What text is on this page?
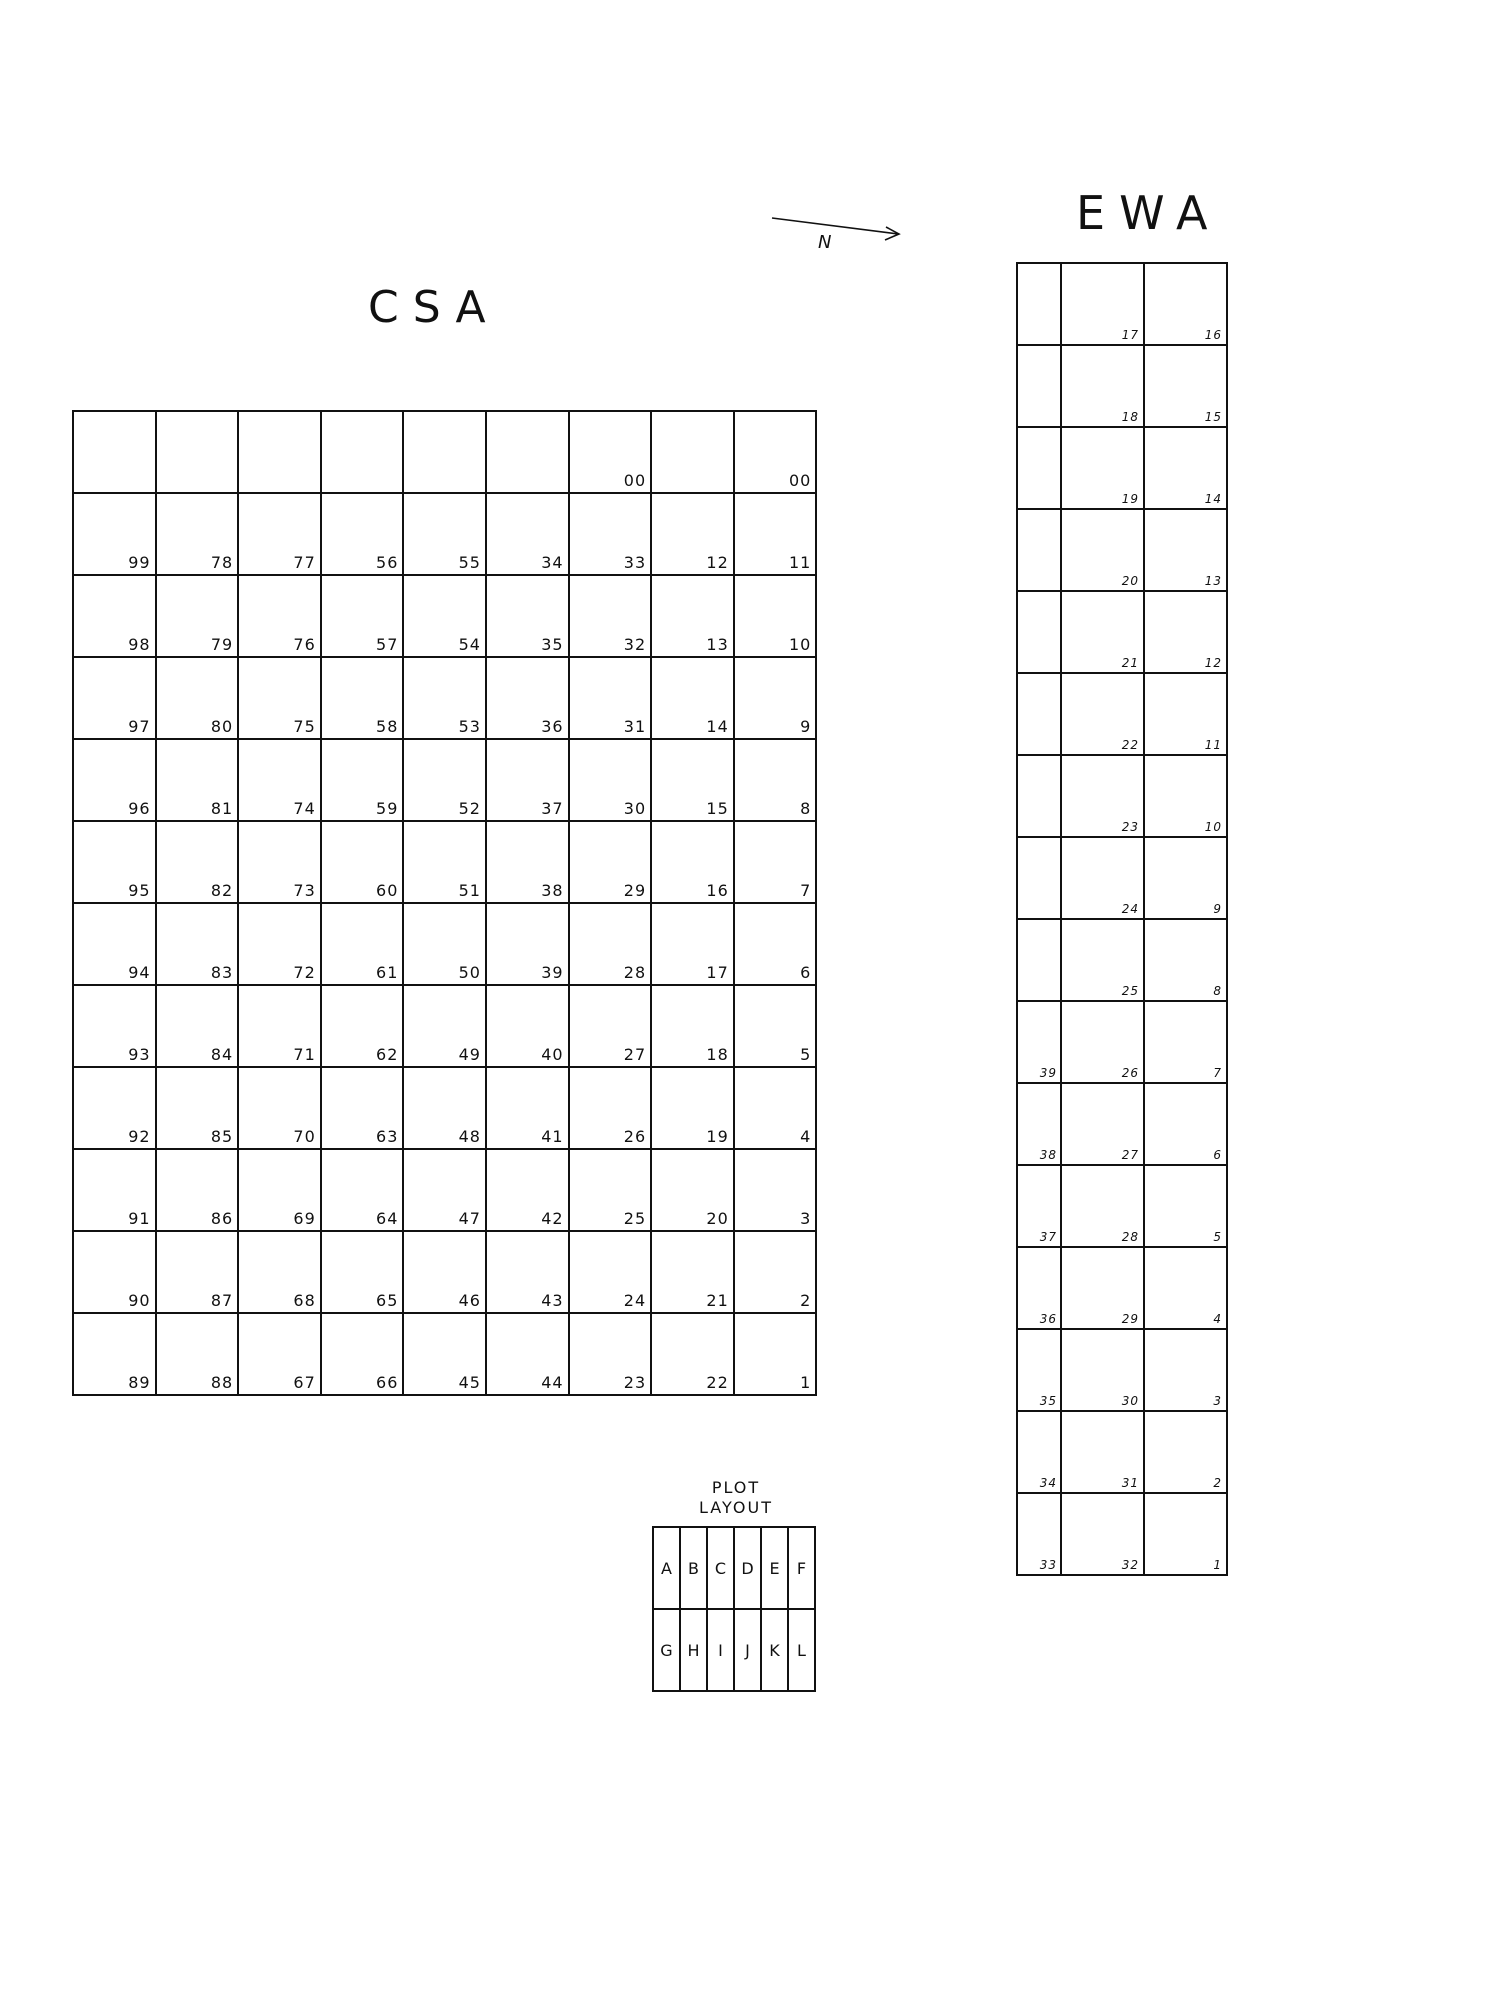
CSA
EWA
N

						00		00

99	78	77	56	55	34	33	12	11

98	79	76	57	54	35	32	13	10

97	80	75	58	53	36	31	14	9

96	81	74	59	52	37	30	15	8

95	82	73	60	51	38	29	16	7

94	83	72	61	50	39	28	17	6

93	84	71	62	49	40	27	18	5

92	85	70	63	48	41	26	19	4

91	86	69	64	47	42	25	20	3

90	87	68	65	46	43	24	21	2

89	88	67	66	45	44	23	22	1

	17	16

	18	15

	19	14

	20	13

	21	12

	22	11

	23	10

	24	9

	25	8

39	26	7

38	27	6

37	28	5

36	29	4

35	30	3

34	31	2

33	32	1
PLOT
LAYOUT
A	B	C	D	E	F
G	H	I	J	K	L
